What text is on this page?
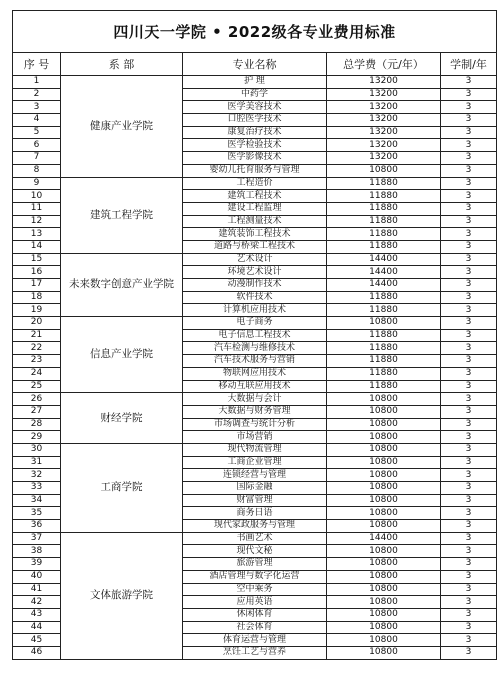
四川天一学院 • 2022级各专业费用标准				
序 号	系 部	专业名称	总学费（元/年）	学制/年
1	健康产业学院	护 理	13200	3
2		中药学	13200	3
3		医学美容技术	13200	3
4		口腔医学技术	13200	3
5		康复治疗技术	13200	3
6		医学检验技术	13200	3
7		医学影像技术	13200	3
8		婴幼儿托育服务与管理	10800	3
9	建筑工程学院	工程造价	11880	3
10		建筑工程技术	11880	3
11		建设工程监理	11880	3
12		工程测量技术	11880	3
13		建筑装饰工程技术	11880	3
14		道路与桥梁工程技术	11880	3
15	未来数字创意产业学院	艺术设计	14400	3
16		环境艺术设计	14400	3
17		动漫制作技术	14400	3
18		软件技术	11880	3
19		计算机应用技术	11880	3
20	信息产业学院	电子商务	10800	3
21		电子信息工程技术	11880	3
22		汽车检测与维修技术	11880	3
23		汽车技术服务与营销	11880	3
24		物联网应用技术	11880	3
25		移动互联应用技术	11880	3
26	财经学院	大数据与会计	10800	3
27		大数据与财务管理	10800	3
28		市场调查与统计分析	10800	3
29		市场营销	10800	3
30	工商学院	现代物流管理	10800	3
31		工商企业管理	10800	3
32		连锁经营与管理	10800	3
33		国际金融	10800	3
34		财富管理	10800	3
35		商务日语	10800	3
36		现代家政服务与管理	10800	3
37	文体旅游学院	书画艺术	14400	3
38		现代文秘	10800	3
39		旅游管理	10800	3
40		酒店管理与数字化运营	10800	3
41		空中乘务	10800	3
42		应用英语	10800	3
43		休闲体育	10800	3
44		社会体育	10800	3
45		体育运营与管理	10800	3
46		烹饪工艺与营养	10800	3
